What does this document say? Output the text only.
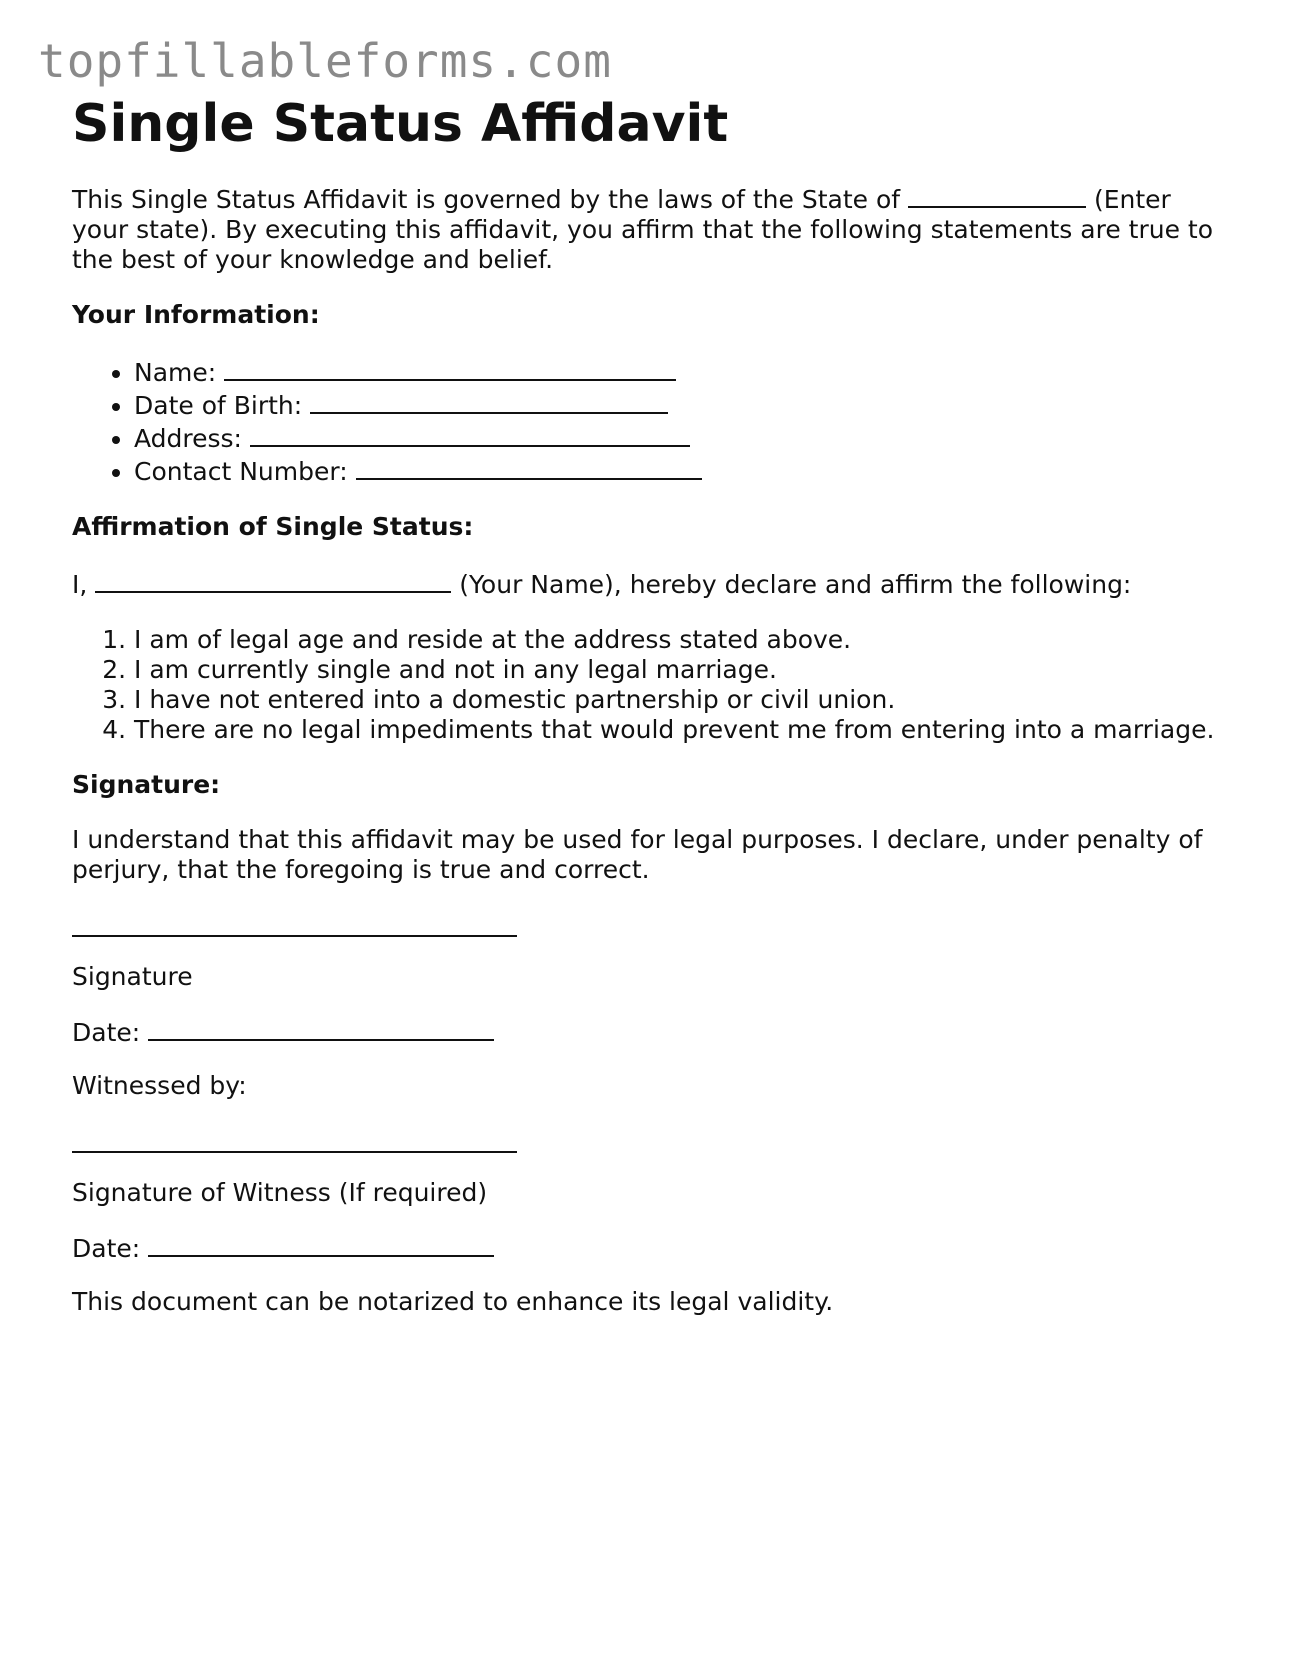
topfillableforms.com
Single Status Affidavit

This Single Status Affidavit is governed by the laws of the State of	(Enter your state). By executing this affidavit, you affirm that the following statements are true to the best of your knowledge and belief.

Your Information:

• Name:
• Date of Birth:
• Address:
• Contact Number:

Affirmation of Single Status:

I,	(Your Name), hereby declare and affirm the following:

1. I am of legal age and reside at the address stated above.
2. I am currently single and not in any legal marriage.
3. I have not entered into a domestic partnership or civil union.
4. There are no legal impediments that would prevent me from entering into a marriage.

Signature:

I understand that this affidavit may be used for legal purposes. I declare, under penalty of perjury, that the foregoing is true and correct.

Signature

Date:

Witnessed by:

Signature of Witness (If required)

Date:

This document can be notarized to enhance its legal validity.
